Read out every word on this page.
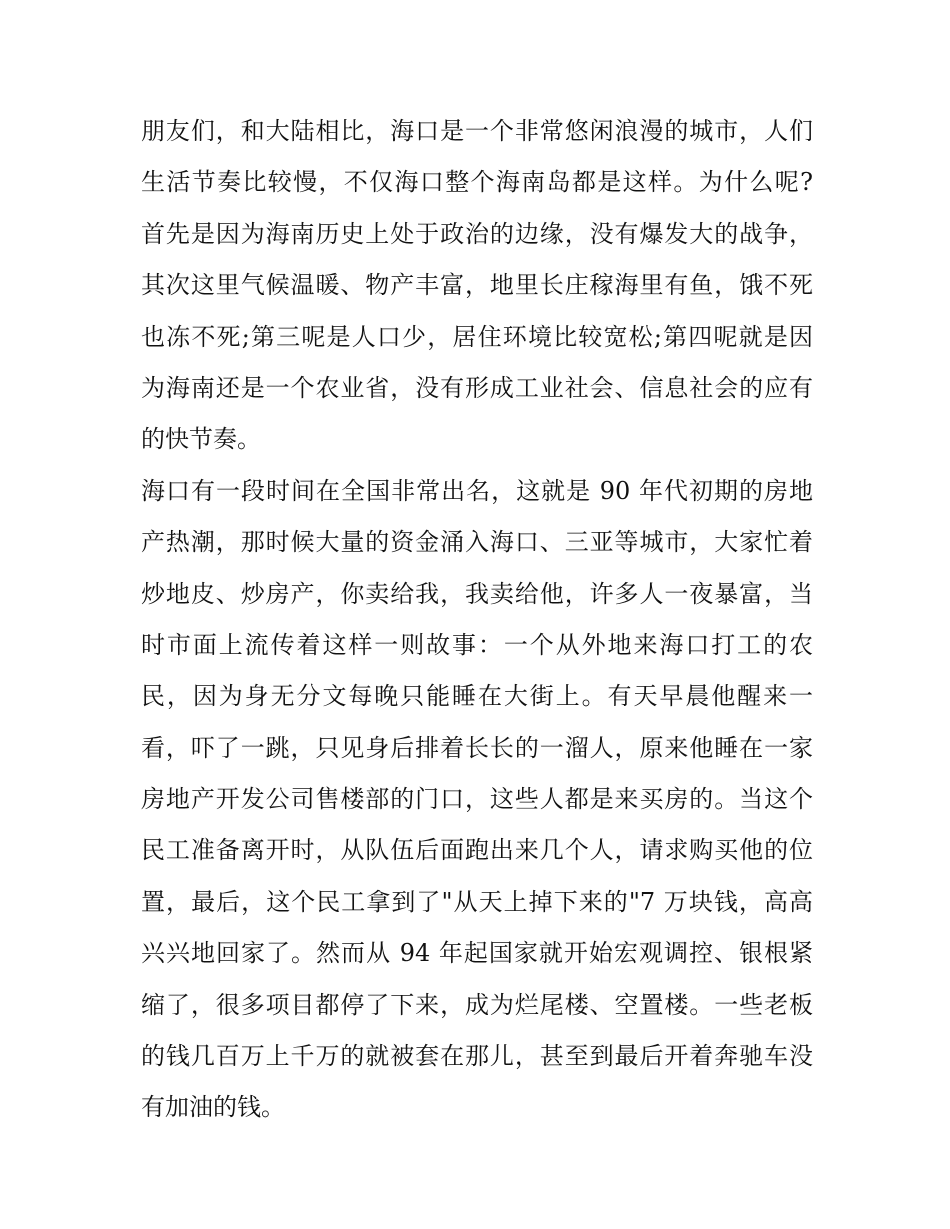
朋友们，和大陆相比，海口是一个非常悠闲浪漫的城市，人们
生活节奏比较慢，不仅海口整个海南岛都是这样。为什么呢?
首先是因为海南历史上处于政治的边缘，没有爆发大的战争，
其次这里气候温暖、物产丰富，地里长庄稼海里有鱼，饿不死
也冻不死;第三呢是人口少，居住环境比较宽松;第四呢就是因
为海南还是一个农业省，没有形成工业社会、信息社会的应有
的快节奏。
海口有一段时间在全国非常出名，这就是 90 年代初期的房地
产热潮，那时候大量的资金涌入海口、三亚等城市，大家忙着
炒地皮、炒房产，你卖给我，我卖给他，许多人一夜暴富，当
时市面上流传着这样一则故事：一个从外地来海口打工的农
民，因为身无分文每晚只能睡在大街上。有天早晨他醒来一
看，吓了一跳，只见身后排着长长的一溜人，原来他睡在一家
房地产开发公司售楼部的门口，这些人都是来买房的。当这个
民工准备离开时，从队伍后面跑出来几个人，请求购买他的位
置，最后，这个民工拿到了"从天上掉下来的"7 万块钱，高高
兴兴地回家了。然而从 94 年起国家就开始宏观调控、银根紧
缩了，很多项目都停了下来，成为烂尾楼、空置楼。一些老板
的钱几百万上千万的就被套在那儿，甚至到最后开着奔驰车没
有加油的钱。
